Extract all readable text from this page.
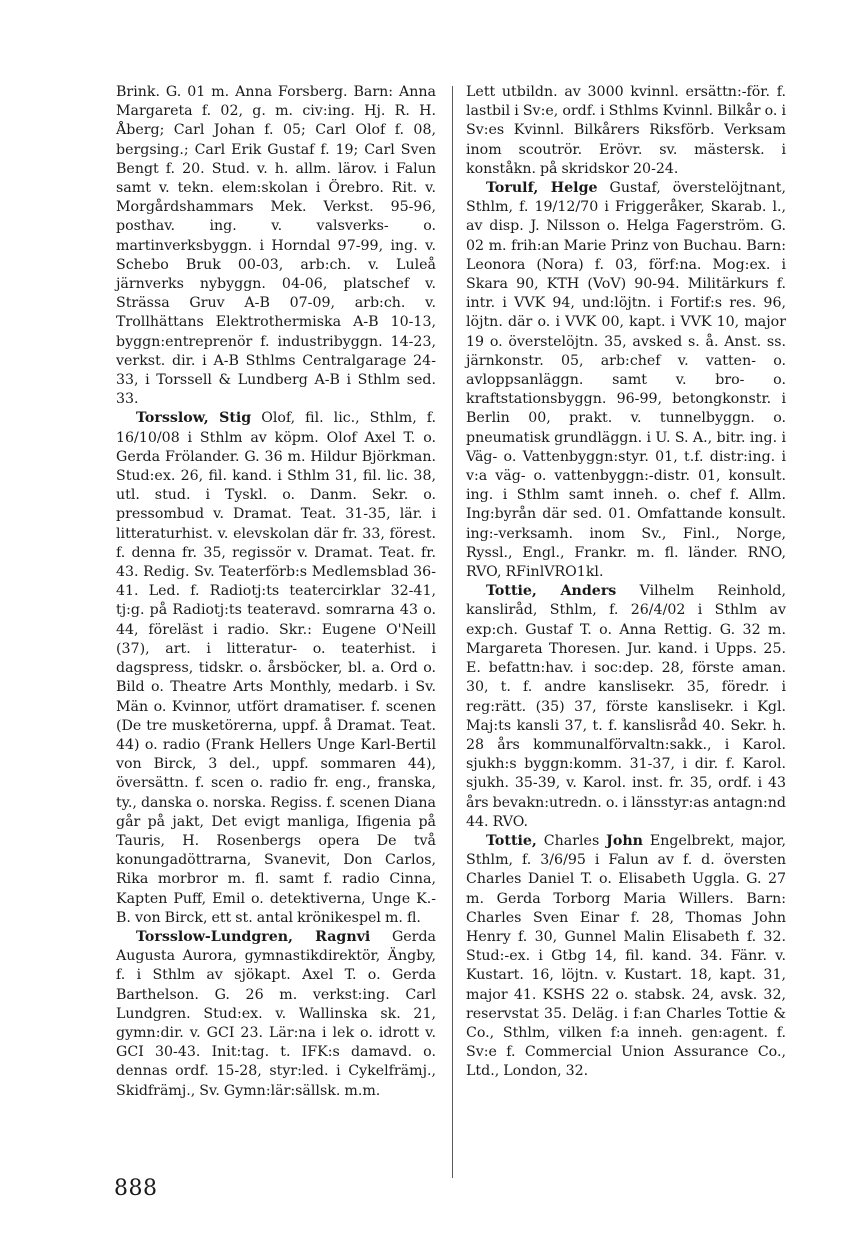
Brink. G. 01 m. Anna Forsberg. Barn: Anna Margareta f. 02, g. m. civ:ing. Hj. R. H. Åberg; Carl Johan f. 05; Carl Olof f. 08, bergsing.; Carl Erik Gustaf f. 19; Carl Sven Bengt f. 20. Stud. v. h. allm. lärov. i Falun samt v. tekn. elem:skolan i Örebro. Rit. v. Morgårdshammars Mek. Verkst. 95-96, posthav. ing. v. valsverks- o. martinverksbyggn. i Horndal 97-99, ing. v. Schebo Bruk 00-03, arb:ch. v. Luleå järnverks nybyggn. 04-06, platschef v. Strässa Gruv A-B 07-09, arb:ch. v. Trollhättans Elektrothermiska A-B 10-13, byggn:entreprenör f. industribyggn. 14-23, verkst. dir. i A-B Sthlms Centralgarage 24-33, i Torssell & Lundberg A-B i Sthlm sed. 33.

Torsslow, Stig Olof, fil. lic., Sthlm, f. 16/10/08 i Sthlm av köpm. Olof Axel T. o. Gerda Frölander. G. 36 m. Hildur Björkman. Stud:ex. 26, fil. kand. i Sthlm 31, fil. lic. 38, utl. stud. i Tyskl. o. Danm. Sekr. o. pressombud v. Dramat. Teat. 31-35, lär. i litteraturhist. v. elevskolan där fr. 33, förest. f. denna fr. 35, regissör v. Dramat. Teat. fr. 43. Redig. Sv. Teaterförb:s Medlemsblad 36-41. Led. f. Radiotj:ts teatercirklar 32-41, tj:g. på Radiotj:ts teateravd. somrarna 43 o. 44, föreläst i radio. Skr.: Eugene O'Neill (37), art. i litteratur- o. teaterhist. i dagspress, tidskr. o. årsböcker, bl. a. Ord o. Bild o. Theatre Arts Monthly, medarb. i Sv. Män o. Kvinnor, utfört dramatiser. f. scenen (De tre musketörerna, uppf. å Dramat. Teat. 44) o. radio (Frank Hellers Unge Karl-Bertil von Birck, 3 del., uppf. sommaren 44), översättn. f. scen o. radio fr. eng., franska, ty., danska o. norska. Regiss. f. scenen Diana går på jakt, Det evigt manliga, Ifigenia på Tauris, H. Rosenbergs opera De två konungadöttrarna, Svanevit, Don Carlos, Rika morbror m. fl. samt f. radio Cinna, Kapten Puff, Emil o. detektiverna, Unge K.-B. von Birck, ett st. antal krönikespel m. fl.

Torsslow-Lundgren, Ragnvi Gerda Augusta Aurora, gymnastikdirektör, Ängby, f. i Sthlm av sjökapt. Axel T. o. Gerda Barthelson. G. 26 m. verkst:ing. Carl Lundgren. Stud:ex. v. Wallinska sk. 21, gymn:dir. v. GCI 23. Lär:na i lek o. idrott v. GCI 30-43. Init:tag. t. IFK:s damavd. o. dennas ordf. 15-28, styr:led. i Cykelfrämj., Skidfrämj., Sv. Gymn:lär:sällsk. m.m.

Lett utbildn. av 3000 kvinnl. ersättn:-för. f. lastbil i Sv:e, ordf. i Sthlms Kvinnl. Bilkår o. i Sv:es Kvinnl. Bilkårers Riksförb. Verksam inom scoutrör. Erövr. sv. mästersk. i konståkn. på skridskor 20-24.

Torulf, Helge Gustaf, överstelöjtnant, Sthlm, f. 19/12/70 i Friggeråker, Skarab. l., av disp. J. Nilsson o. Helga Fagerström. G. 02 m. frih:an Marie Prinz von Buchau. Barn: Leonora (Nora) f. 03, förf:na. Mog:ex. i Skara 90, KTH (VoV) 90-94. Militärkurs f. intr. i VVK 94, und:löjtn. i Fortif:s res. 96, löjtn. där o. i VVK 00, kapt. i VVK 10, major 19 o. överstelöjtn. 35, avsked s. å. Anst. ss. järnkonstr. 05, arb:chef v. vatten- o. avloppsanläggn. samt v. bro- o. kraftstationsbyggn. 96-99, betongkonstr. i Berlin 00, prakt. v. tunnelbyggn. o. pneumatisk grundläggn. i U. S. A., bitr. ing. i Väg- o. Vattenbyggn:styr. 01, t.f. distr:ing. i v:a väg- o. vattenbyggn:-distr. 01, konsult. ing. i Sthlm samt inneh. o. chef f. Allm. Ing:byrån där sed. 01. Omfattande konsult. ing:-verksamh. inom Sv., Finl., Norge, Ryssl., Engl., Frankr. m. fl. länder. RNO, RVO, RFinlVRO1kl.

Tottie, Anders Vilhelm Reinhold, kansliråd, Sthlm, f. 26/4/02 i Sthlm av exp:ch. Gustaf T. o. Anna Rettig. G. 32 m. Margareta Thoresen. Jur. kand. i Upps. 25. E. befattn:hav. i soc:dep. 28, förste aman. 30, t. f. andre kanslisekr. 35, föredr. i reg:rätt. (35) 37, förste kanslisekr. i Kgl. Maj:ts kansli 37, t. f. kanslisråd 40. Sekr. h. 28 års kommunalförvaltn:sakk., i Karol. sjukh:s byggn:komm. 31-37, i dir. f. Karol. sjukh. 35-39, v. Karol. inst. fr. 35, ordf. i 43 års bevakn:utredn. o. i länsstyr:as antagn:nd 44. RVO.

Tottie, Charles John Engelbrekt, major, Sthlm, f. 3/6/95 i Falun av f. d. översten Charles Daniel T. o. Elisabeth Uggla. G. 27 m. Gerda Torborg Maria Willers. Barn: Charles Sven Einar f. 28, Thomas John Henry f. 30, Gunnel Malin Elisabeth f. 32. Stud:-ex. i Gtbg 14, fil. kand. 34. Fänr. v. Kustart. 16, löjtn. v. Kustart. 18, kapt. 31, major 41. KSHS 22 o. stabsk. 24, avsk. 32, reservstat 35. Deläg. i f:an Charles Tottie & Co., Sthlm, vilken f:a inneh. gen:agent. f. Sv:e f. Commercial Union Assurance Co., Ltd., London, 32.

888
